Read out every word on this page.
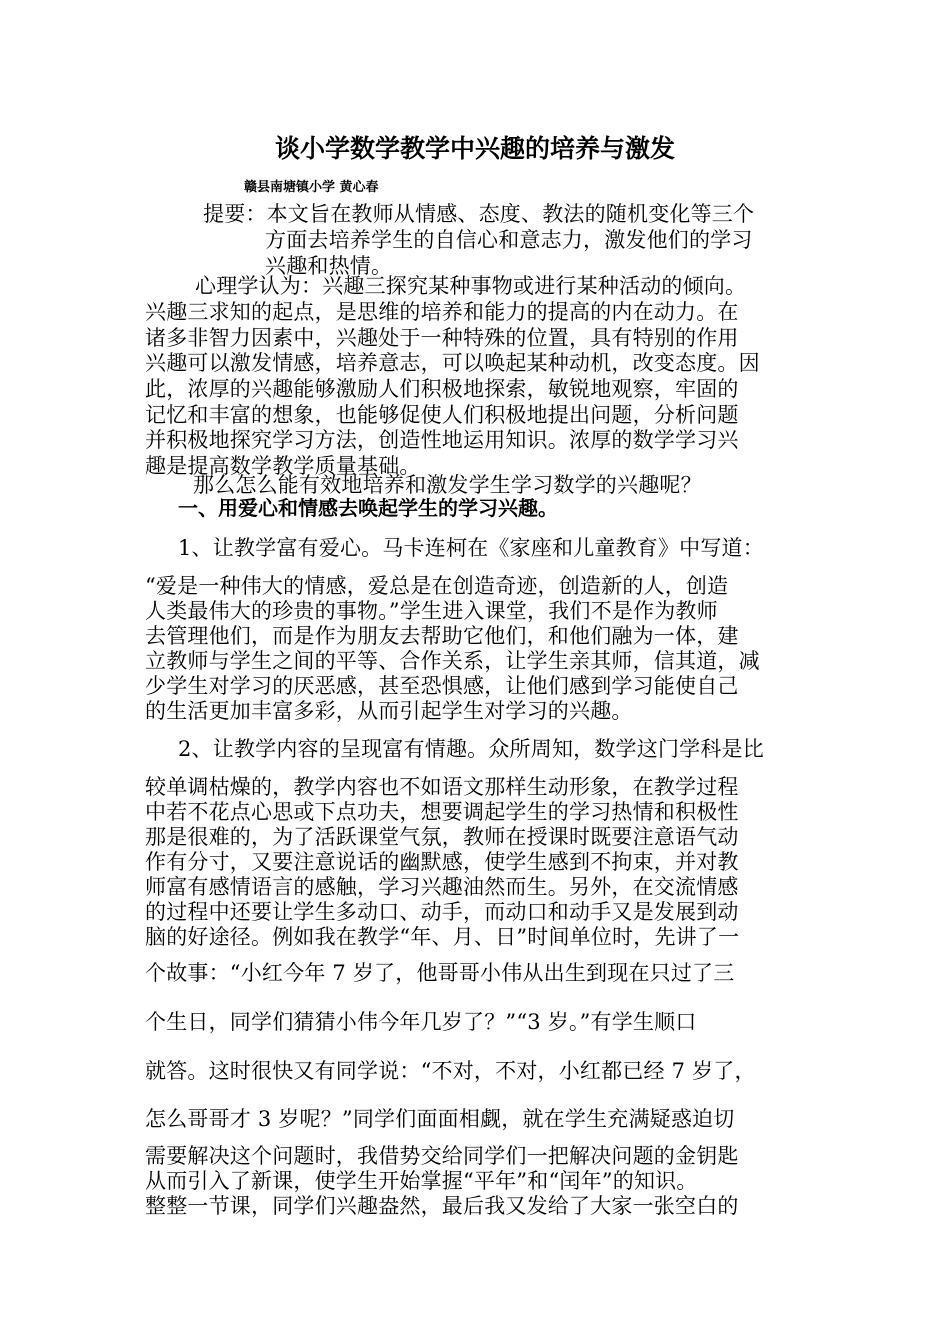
谈小学数学教学中兴趣的培养与激发
赣县南塘镇小学 黄心春
提要：本文旨在教师从情感、态度、教法的随机变化等三个
方面去培养学生的自信心和意志力，激发他们的学习
兴趣和热情。
心理学认为：兴趣三探究某种事物或进行某种活动的倾向。
兴趣三求知的起点，是思维的培养和能力的提高的内在动力。在
诸多非智力因素中，兴趣处于一种特殊的位置，具有特别的作用
兴趣可以激发情感，培养意志，可以唤起某种动机，改变态度。因
此，浓厚的兴趣能够激励人们积极地探索，敏锐地观察，牢固的
记忆和丰富的想象，也能够促使人们积极地提出问题，分析问题
并积极地探究学习方法，创造性地运用知识。浓厚的数学学习兴
趣是提高数学教学质量基础。
那么怎么能有效地培养和激发学生学习数学的兴趣呢？
一、用爱心和情感去唤起学生的学习兴趣。
1、让教学富有爱心。马卡连柯在《家座和儿童教育》中写道：
“爱是一种伟大的情感，爱总是在创造奇迹，创造新的人，创造
人类最伟大的珍贵的事物。”学生进入课堂，我们不是作为教师
去管理他们，而是作为朋友去帮助它他们，和他们融为一体，建
立教师与学生之间的平等、合作关系，让学生亲其师，信其道，减
少学生对学习的厌恶感，甚至恐惧感，让他们感到学习能使自己
的生活更加丰富多彩，从而引起学生对学习的兴趣。
2、让教学内容的呈现富有情趣。众所周知，数学这门学科是比
较单调枯燥的，教学内容也不如语文那样生动形象，在教学过程
中若不花点心思或下点功夫，想要调起学生的学习热情和积极性
那是很难的，为了活跃课堂气氛，教师在授课时既要注意语气动
作有分寸，又要注意说话的幽默感，使学生感到不拘束，并对教
师富有感情语言的感触，学习兴趣油然而生。另外，在交流情感
的过程中还要让学生多动口、动手，而动口和动手又是发展到动
脑的好途径。例如我在教学“年、月、日”时间单位时，先讲了一
个故事：“小红今年 7 岁了，他哥哥小伟从出生到现在只过了三
个生日，同学们猜猜小伟今年几岁了？”“3 岁。”有学生顺口
就答。这时很快又有同学说：“不对，不对，小红都已经 7 岁了，
怎么哥哥才 3 岁呢？”同学们面面相觑，就在学生充满疑惑迫切
需要解决这个问题时，我借势交给同学们一把解决问题的金钥匙
从而引入了新课，使学生开始掌握“平年”和“闰年”的知识。
整整一节课，同学们兴趣盎然，最后我又发给了大家一张空白的
